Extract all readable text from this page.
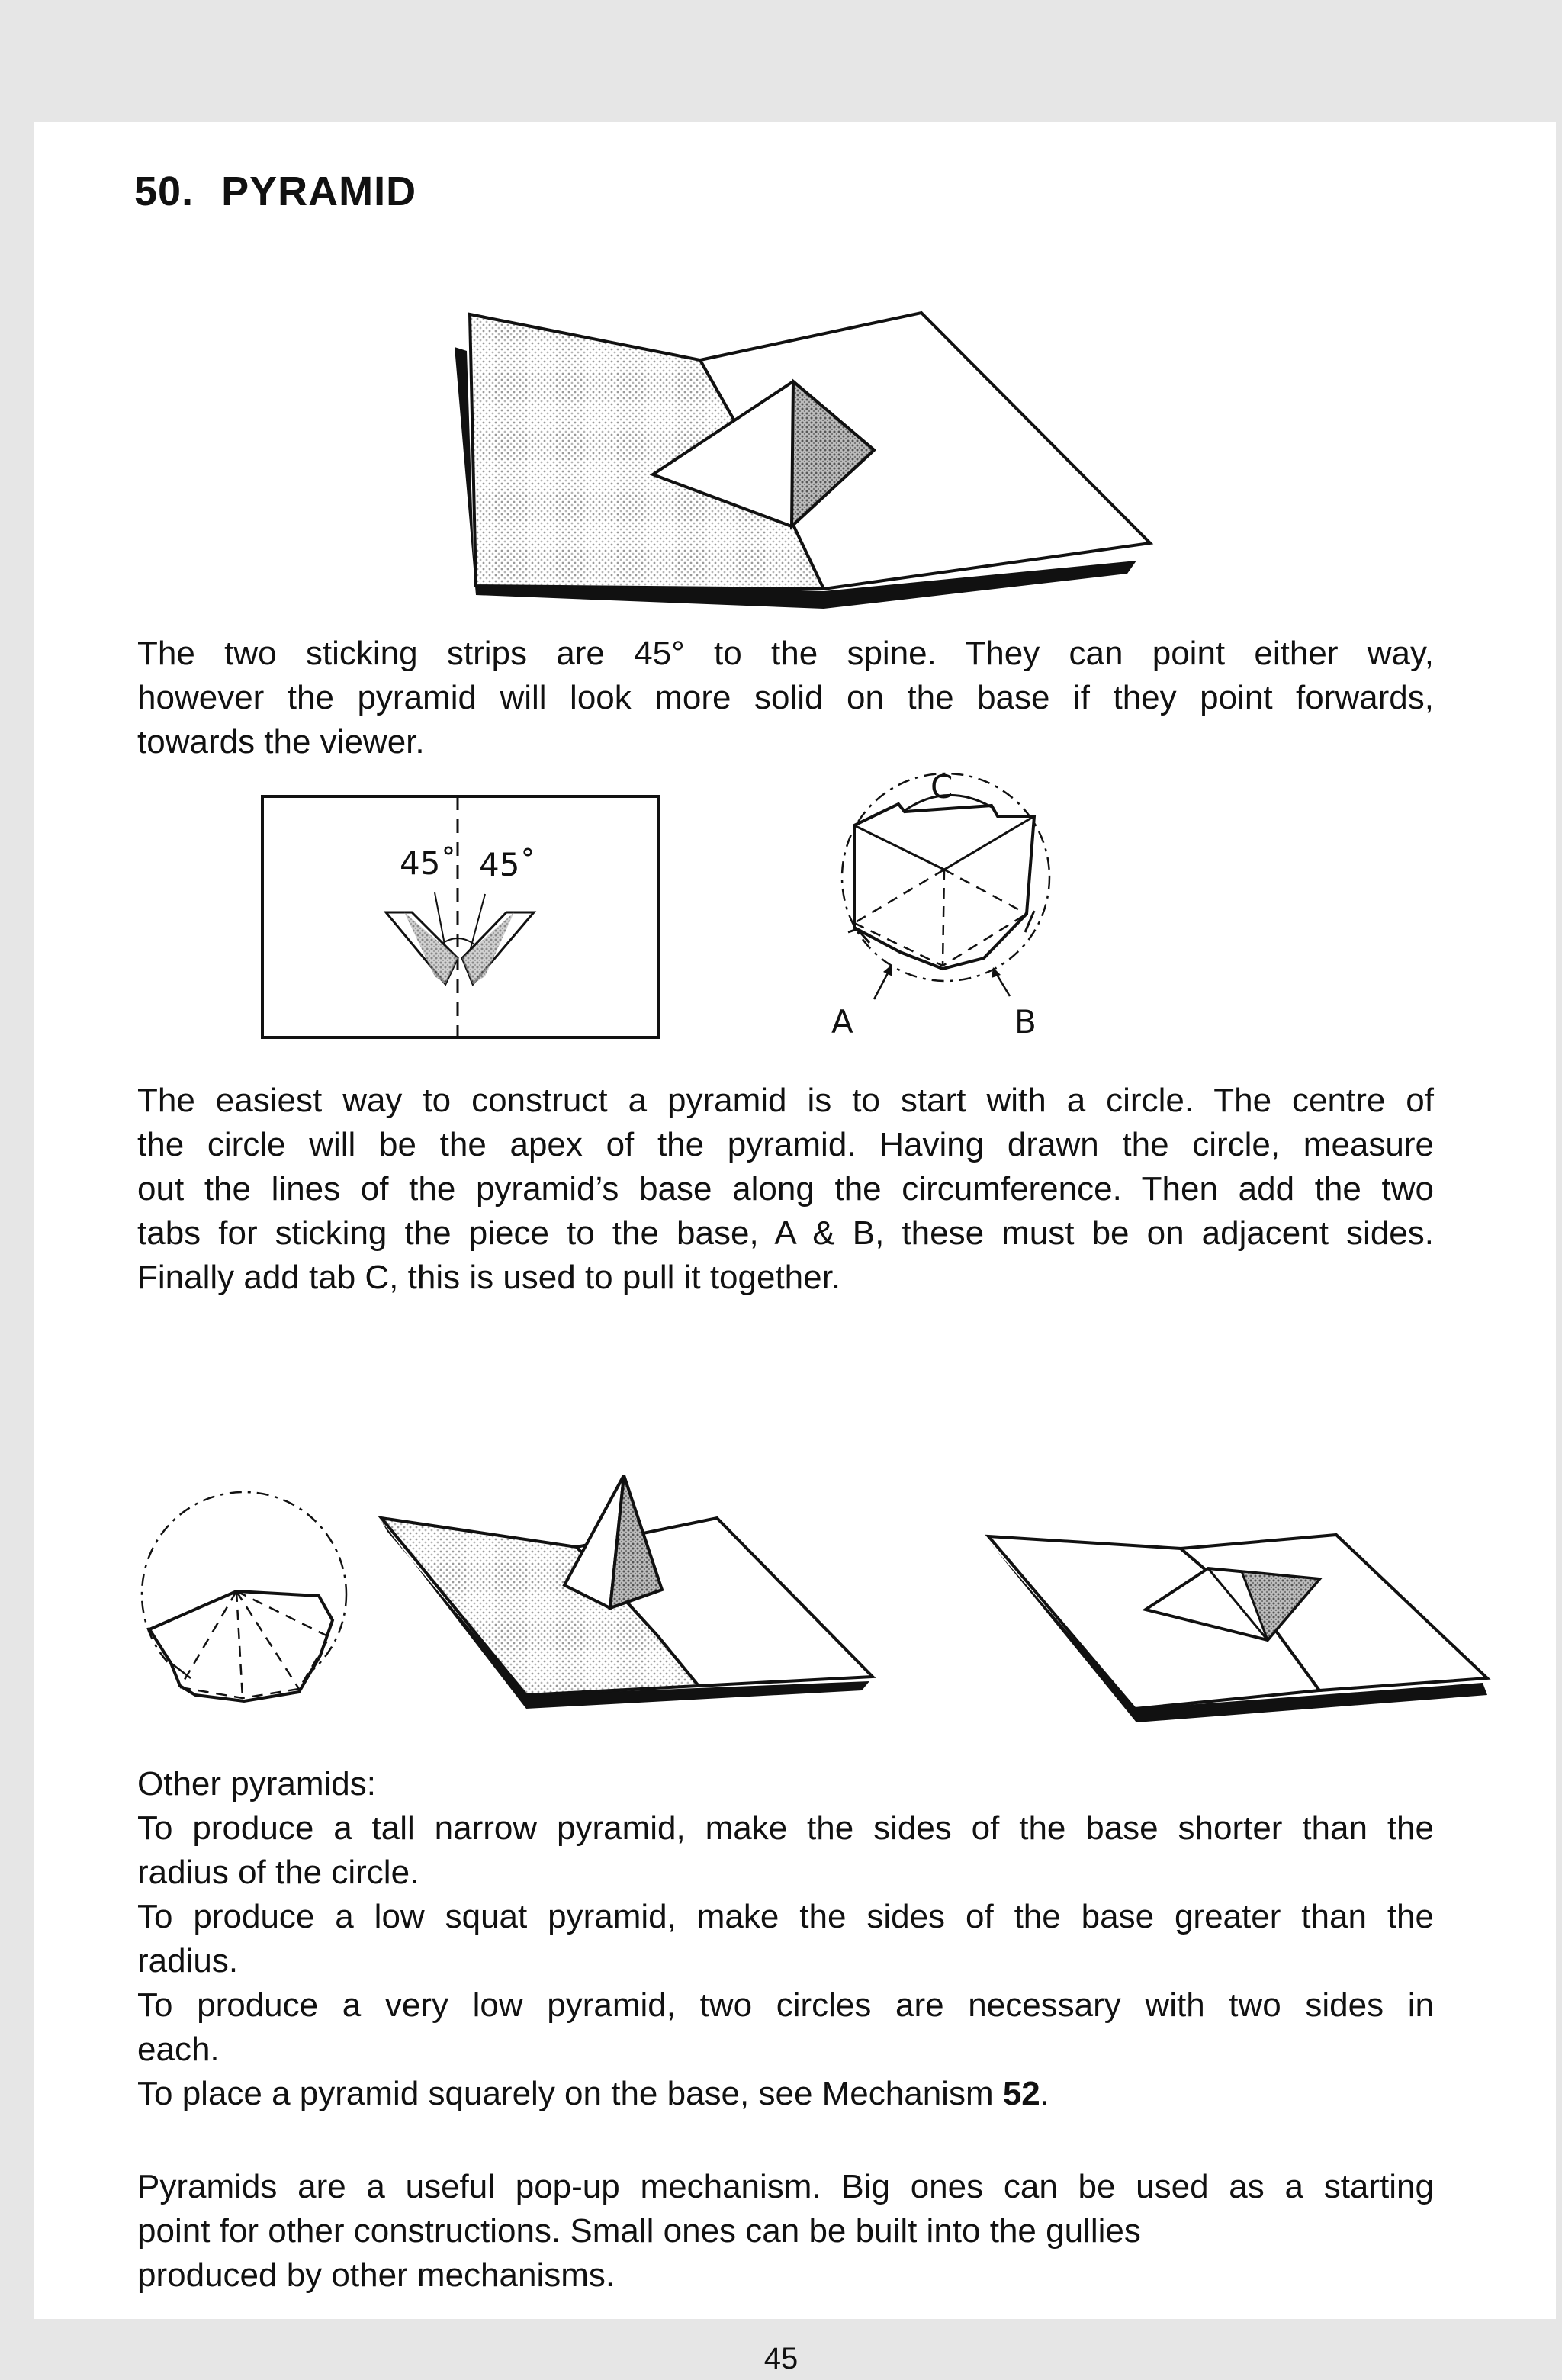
50. PYRAMID

The two sticking strips are 45° to the spine. They can point either way,
however the pyramid will look more solid on the base if they point forwards,
towards the viewer.

45˚ 45˚
C
A	B

The easiest way to construct a pyramid is to start with a circle. The centre of
the circle will be the apex of the pyramid. Having drawn the circle, measure
out the lines of the pyramid’s base along the circumference. Then add the two
tabs for sticking the piece to the base, A & B, these must be on adjacent sides.
Finally add tab C, this is used to pull it together.

Other pyramids:
To produce a tall narrow pyramid, make the sides of the base shorter than the
radius of the circle.
To produce a low squat pyramid, make the sides of the base greater than the
radius.
To produce a very low pyramid, two circles are necessary with two sides in
each.
To place a pyramid squarely on the base, see Mechanism 52.

Pyramids are a useful pop-up mechanism. Big ones can be used as a starting
point for other constructions. Small ones can be built into the gullies
produced by other mechanisms.

45
